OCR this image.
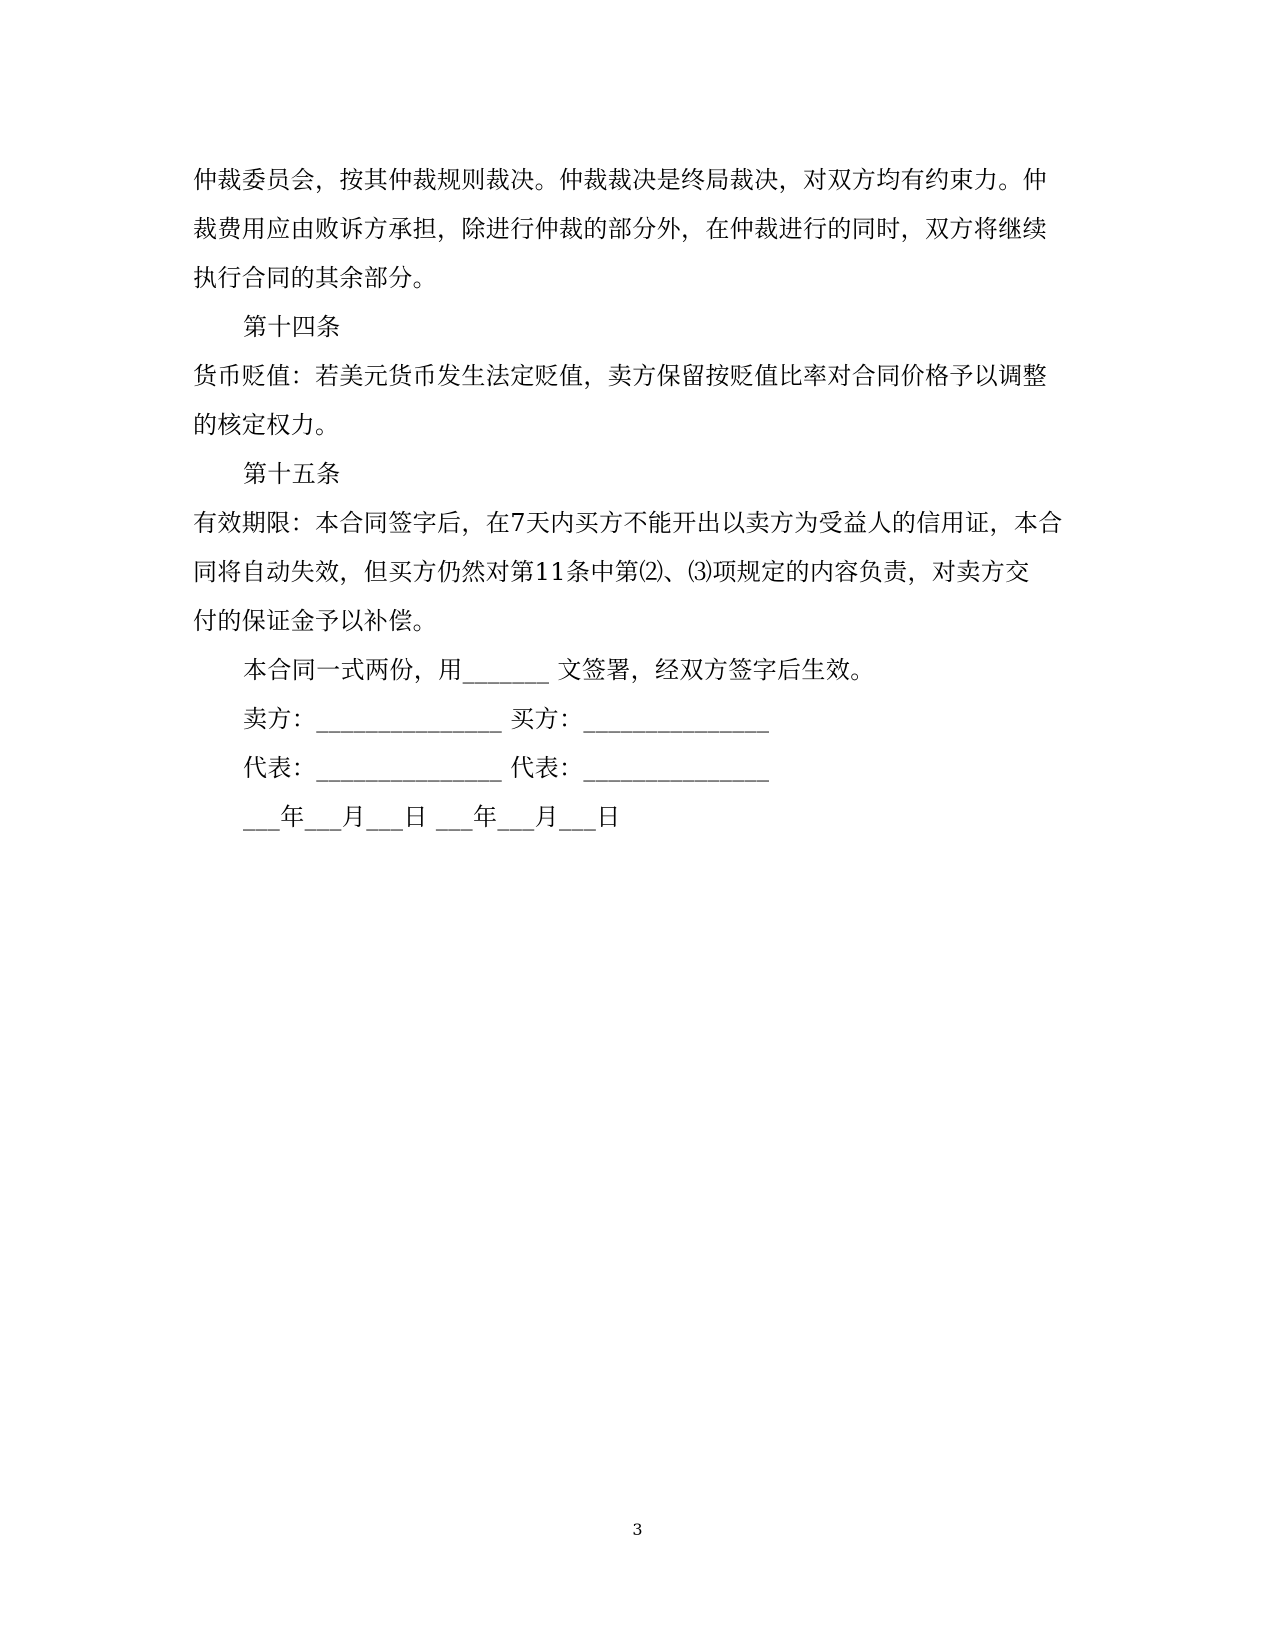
仲裁委员会，按其仲裁规则裁决。仲裁裁决是终局裁决，对双方均有约束力。仲
裁费用应由败诉方承担，除进行仲裁的部分外，在仲裁进行的同时，双方将继续
执行合同的其余部分。
第十四条
货币贬值：若美元货币发生法定贬值，卖方保留按贬值比率对合同价格予以调整
的核定权力。
第十五条
有效期限：本合同签字后，在7天内买方不能开出以卖方为受益人的信用证，本合
同将自动失效，但买方仍然对第11条中第⑵、⑶项规定的内容负责，对卖方交
付的保证金予以补偿。
本合同一式两份，用_______ 文签署，经双方签字后生效。
卖方：_______________ 买方：_______________
代表：_______________ 代表：_______________
___年___月___日 ___年___月___日
3
